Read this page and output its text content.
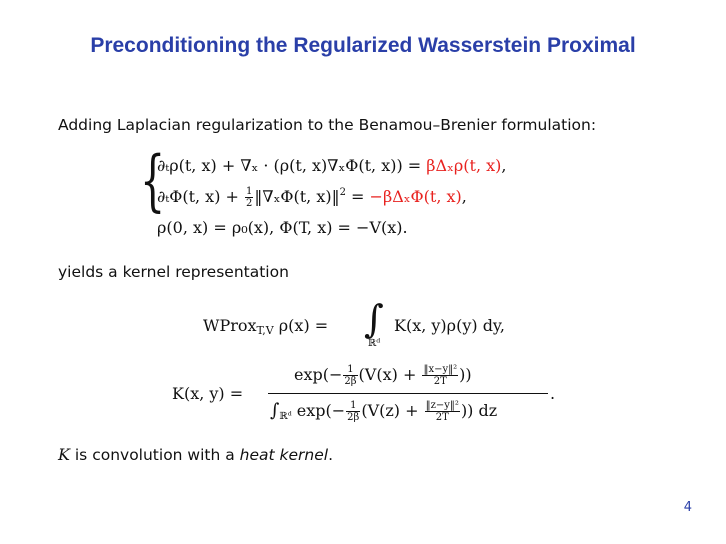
Preconditioning the Regularized Wasserstein Proximal
Adding Laplacian regularization to the Benamou–Brenier formulation:
{
∂ₜρ(t, x) + ∇ₓ · (ρ(t, x)∇ₓΦ(t, x)) = βΔₓρ(t, x),
∂ₜΦ(t, $x) + \frac{1}{2}$ ‖∇ₓΦ(t, x)‖$^2$ = −βΔₓΦ(t, x),
ρ(0, x) = ρ₀(x), Φ(T, x) = −V(x).
yields a kernel representation
WProx$_{T,V}$ ρ(x) = ∫
ℝᵈ
K(x, y)ρ(y) dy,
K(x, y) =
$\exp(- \frac{1}{2\beta} (V(x) + \frac{\text{‖x−y‖²}}{2T}$ ))
$\int_{ℝᵈ}$ $\exp(- \frac{1}{2\beta} (V(z) + \frac{\text{‖z−y‖²}}{2T}$ )) dz
.
K is convolution with a heat kernel.
4
